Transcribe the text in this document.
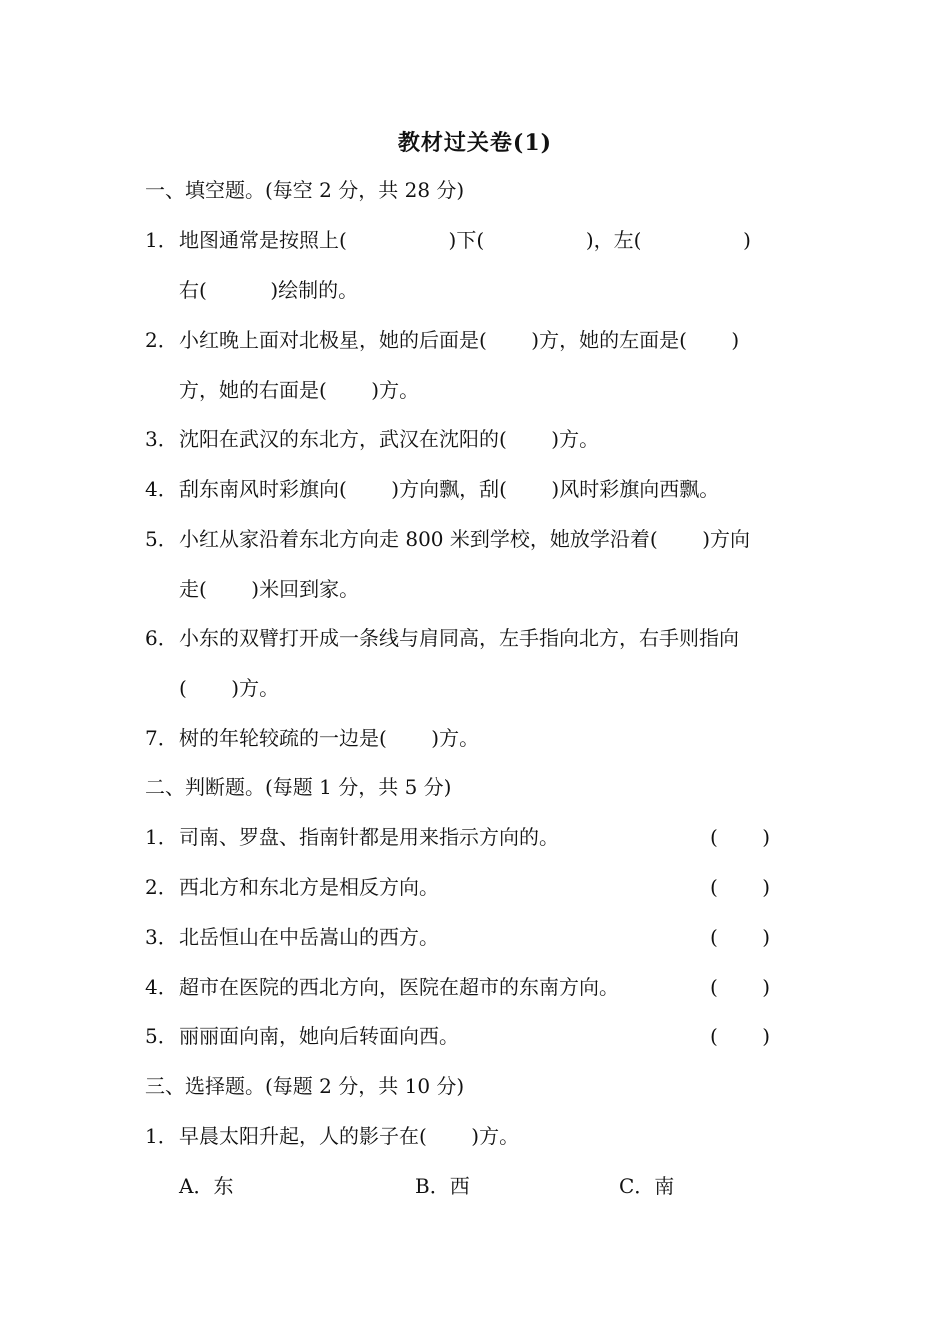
教材过关卷(1)
一、填空题。(每空 2 分，共 28 分)
1．地图通常是按照上(                )下(                )，左(                )
右(          )绘制的。
2．小红晚上面对北极星，她的后面是(       )方，她的左面是(       )
方，她的右面是(       )方。
3．沈阳在武汉的东北方，武汉在沈阳的(       )方。
4．刮东南风时彩旗向(       )方向飘，刮(       )风时彩旗向西飘。
5．小红从家沿着东北方向走 800 米到学校，她放学沿着(       )方向
走(       )米回到家。
6．小东的双臂打开成一条线与肩同高，左手指向北方，右手则指向
(       )方。
7．树的年轮较疏的一边是(       )方。
二、判断题。(每题 1 分，共 5 分)
1．司南、罗盘、指南针都是用来指示方向的。	(       )
2．西北方和东北方是相反方向。	(       )
3．北岳恒山在中岳嵩山的西方。	(       )
4．超市在医院的西北方向，医院在超市的东南方向。	(       )
5．丽丽面向南，她向后转面向西。	(       )
三、选择题。(每题 2 分，共 10 分)
1．早晨太阳升起，人的影子在(       )方。
A．东	B．西	C．南
